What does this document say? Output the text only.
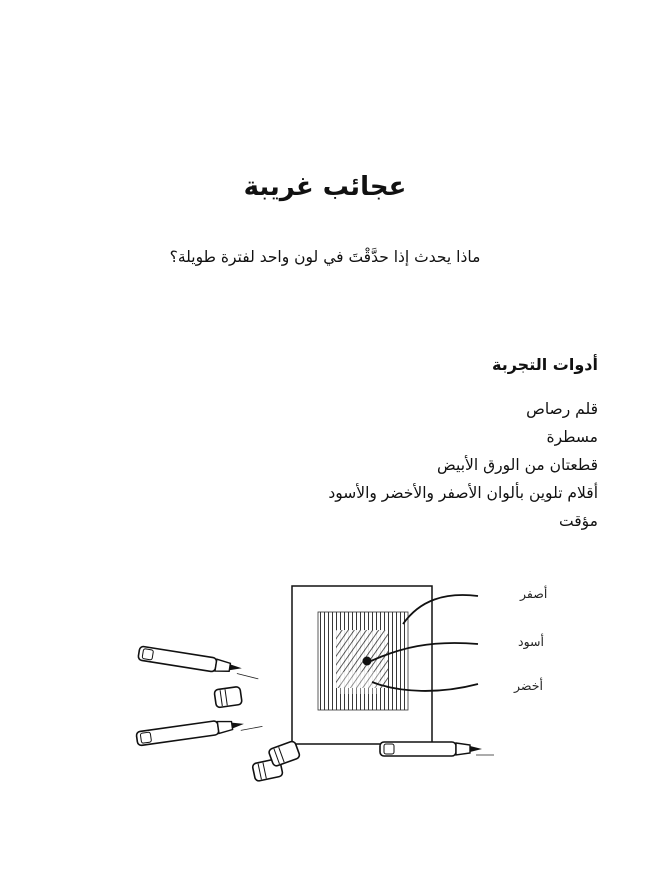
عجائب غريبة
ماذا يحدث إذا حدَّقْتَ في لون واحد لفترة طويلة؟
أدوات التجربة
قلم رصاص
مسطرة
قطعتان من الورق الأبيض
أقلام تلوين بألوان الأصفر والأخضر والأسود
مؤقت
أصفر
أسود
أخضر
